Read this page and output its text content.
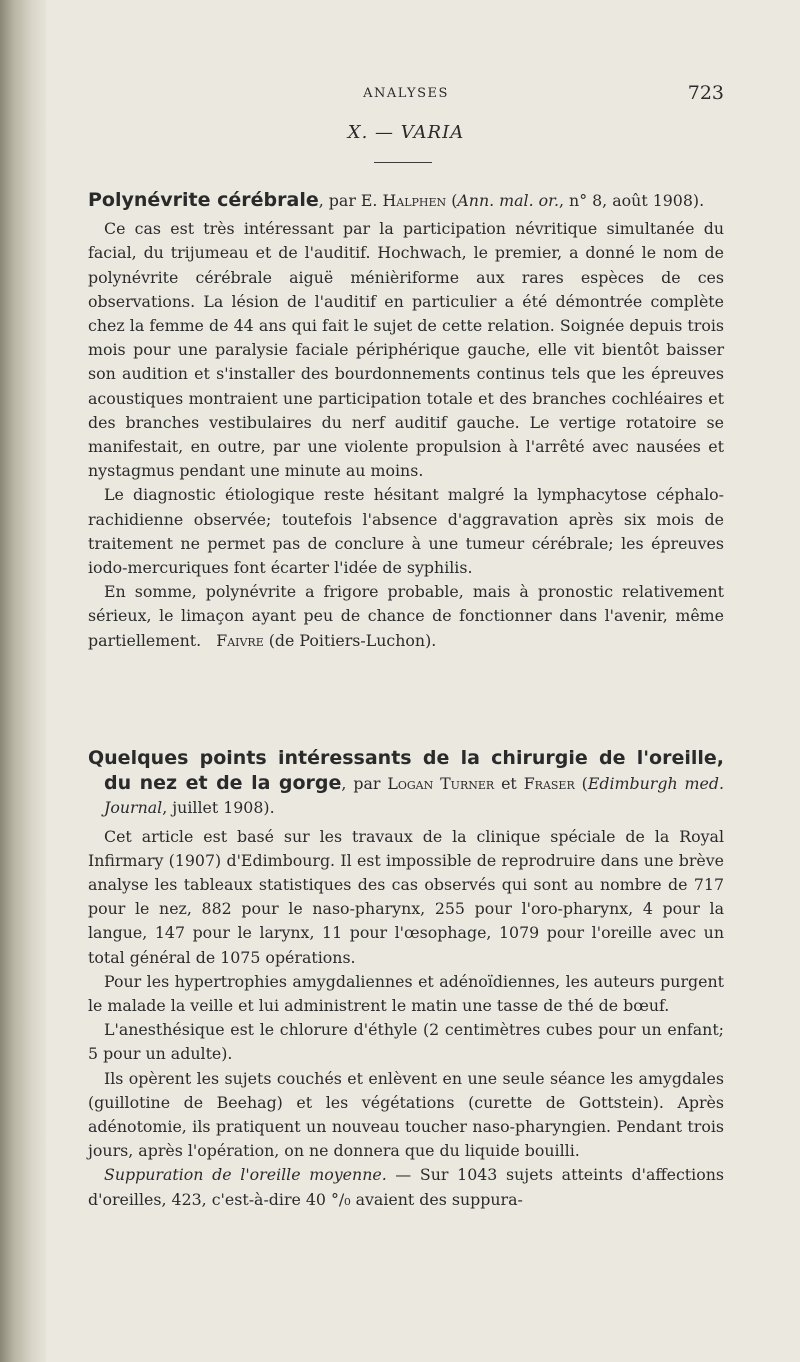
ANALYSES	723
X. — VARIA

Polynévrite cérébrale, par E. Halphen (Ann. mal. or., n° 8, août 1908).

Ce cas est très intéressant par la participation névritique simultanée du facial, du trijumeau et de l'auditif. Hochwach, le premier, a donné le nom de polynévrite cérébrale aiguë ménièriforme aux rares espèces de ces observations. La lésion de l'auditif en particulier a été démontrée complète chez la femme de 44 ans qui fait le sujet de cette relation. Soignée depuis trois mois pour une paralysie faciale périphérique gauche, elle vit bientôt baisser son audition et s'installer des bourdonnements continus tels que les épreuves acoustiques montraient une participation totale et des branches cochléaires et des branches vestibulaires du nerf auditif gauche. Le vertige rotatoire se manifestait, en outre, par une violente propulsion à l'arrêté avec nausées et nystagmus pendant une minute au moins.

Le diagnostic étiologique reste hésitant malgré la lymphacytose céphalo-rachidienne observée; toutefois l'absence d'aggravation après six mois de traitement ne permet pas de conclure à une tumeur cérébrale; les épreuves iodo-mercuriques font écarter l'idée de syphilis.

En somme, polynévrite a frigore probable, mais à pronostic relativement sérieux, le limaçon ayant peu de chance de fonctionner dans l'avenir, même partiellement. Faivre (de Poitiers-Luchon).

Quelques points intéressants de la chirurgie de l'oreille, du nez et de la gorge, par Logan Turner et Fraser (Edimburgh med. Journal, juillet 1908).

Cet article est basé sur les travaux de la clinique spéciale de la Royal Infirmary (1907) d'Edimbourg. Il est impossible de reprodruire dans une brève analyse les tableaux statistiques des cas observés qui sont au nombre de 717 pour le nez, 882 pour le naso-pharynx, 255 pour l'oro-pharynx, 4 pour la langue, 147 pour le larynx, 11 pour l'œsophage, 1079 pour l'oreille avec un total général de 1075 opérations.

Pour les hypertrophies amygdaliennes et adénoïdiennes, les auteurs purgent le malade la veille et lui administrent le matin une tasse de thé de bœuf.

L'anesthésique est le chlorure d'éthyle (2 centimètres cubes pour un enfant; 5 pour un adulte).

Ils opèrent les sujets couchés et enlèvent en une seule séance les amygdales (guillotine de Beehag) et les végétations (curette de Gottstein). Après adénotomie, ils pratiquent un nouveau toucher naso-pharyngien. Pendant trois jours, après l'opération, on ne donnera que du liquide bouilli.

Suppuration de l'oreille moyenne. — Sur 1043 sujets atteints d'affections d'oreilles, 423, c'est-à-dire 40 °/₀ avaient des suppura-
